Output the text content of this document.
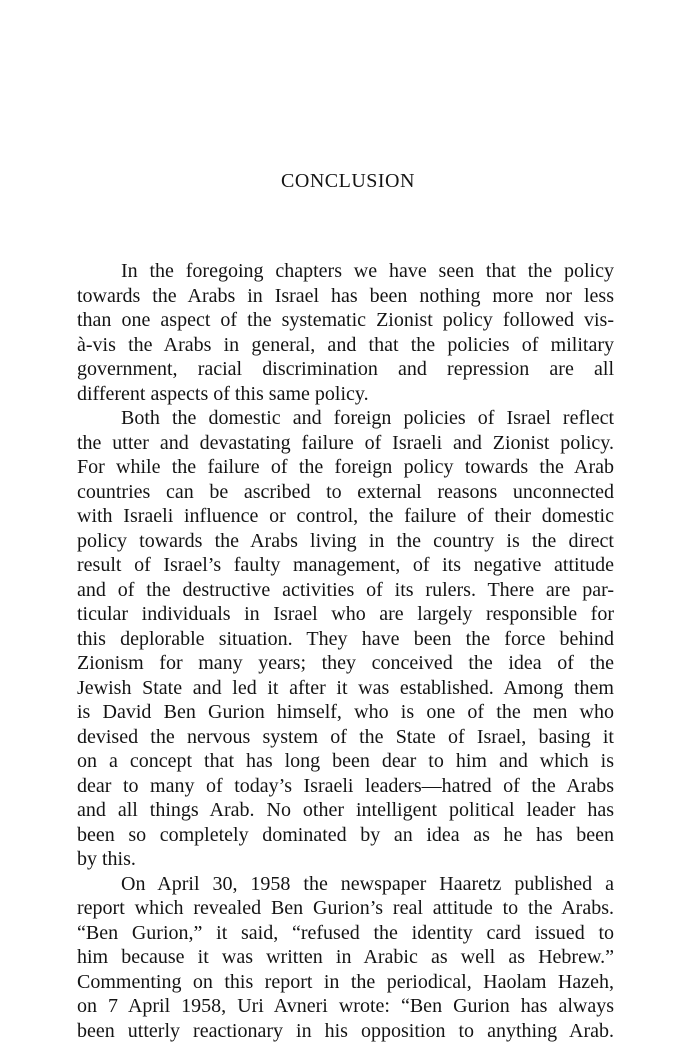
CONCLUSION
In the foregoing chapters we have seen that the policy
towards the Arabs in Israel has been nothing more nor less
than one aspect of the systematic Zionist policy followed vis-
à-vis the Arabs in general, and that the policies of military
government, racial discrimination and repression are all
different aspects of this same policy.
Both the domestic and foreign policies of Israel reflect
the utter and devastating failure of Israeli and Zionist policy.
For while the failure of the foreign policy towards the Arab
countries can be ascribed to external reasons unconnected
with Israeli influence or control, the failure of their domestic
policy towards the Arabs living in the country is the direct
result of Israel’s faulty management, of its negative attitude
and of the destructive activities of its rulers. There are par-
ticular individuals in Israel who are largely responsible for
this deplorable situation. They have been the force behind
Zionism for many years; they conceived the idea of the
Jewish State and led it after it was established. Among them
is David Ben Gurion himself, who is one of the men who
devised the nervous system of the State of Israel, basing it
on a concept that has long been dear to him and which is
dear to many of today’s Israeli leaders—hatred of the Arabs
and all things Arab. No other intelligent political leader has
been so completely dominated by an idea as he has been
by this.
On April 30, 1958 the newspaper Haaretz published a
report which revealed Ben Gurion’s real attitude to the Arabs.
“Ben Gurion,” it said, “refused the identity card issued to
him because it was written in Arabic as well as Hebrew.”
Commenting on this report in the periodical, Haolam Hazeh,
on 7 April 1958, Uri Avneri wrote: “Ben Gurion has always
been utterly reactionary in his opposition to anything Arab.
